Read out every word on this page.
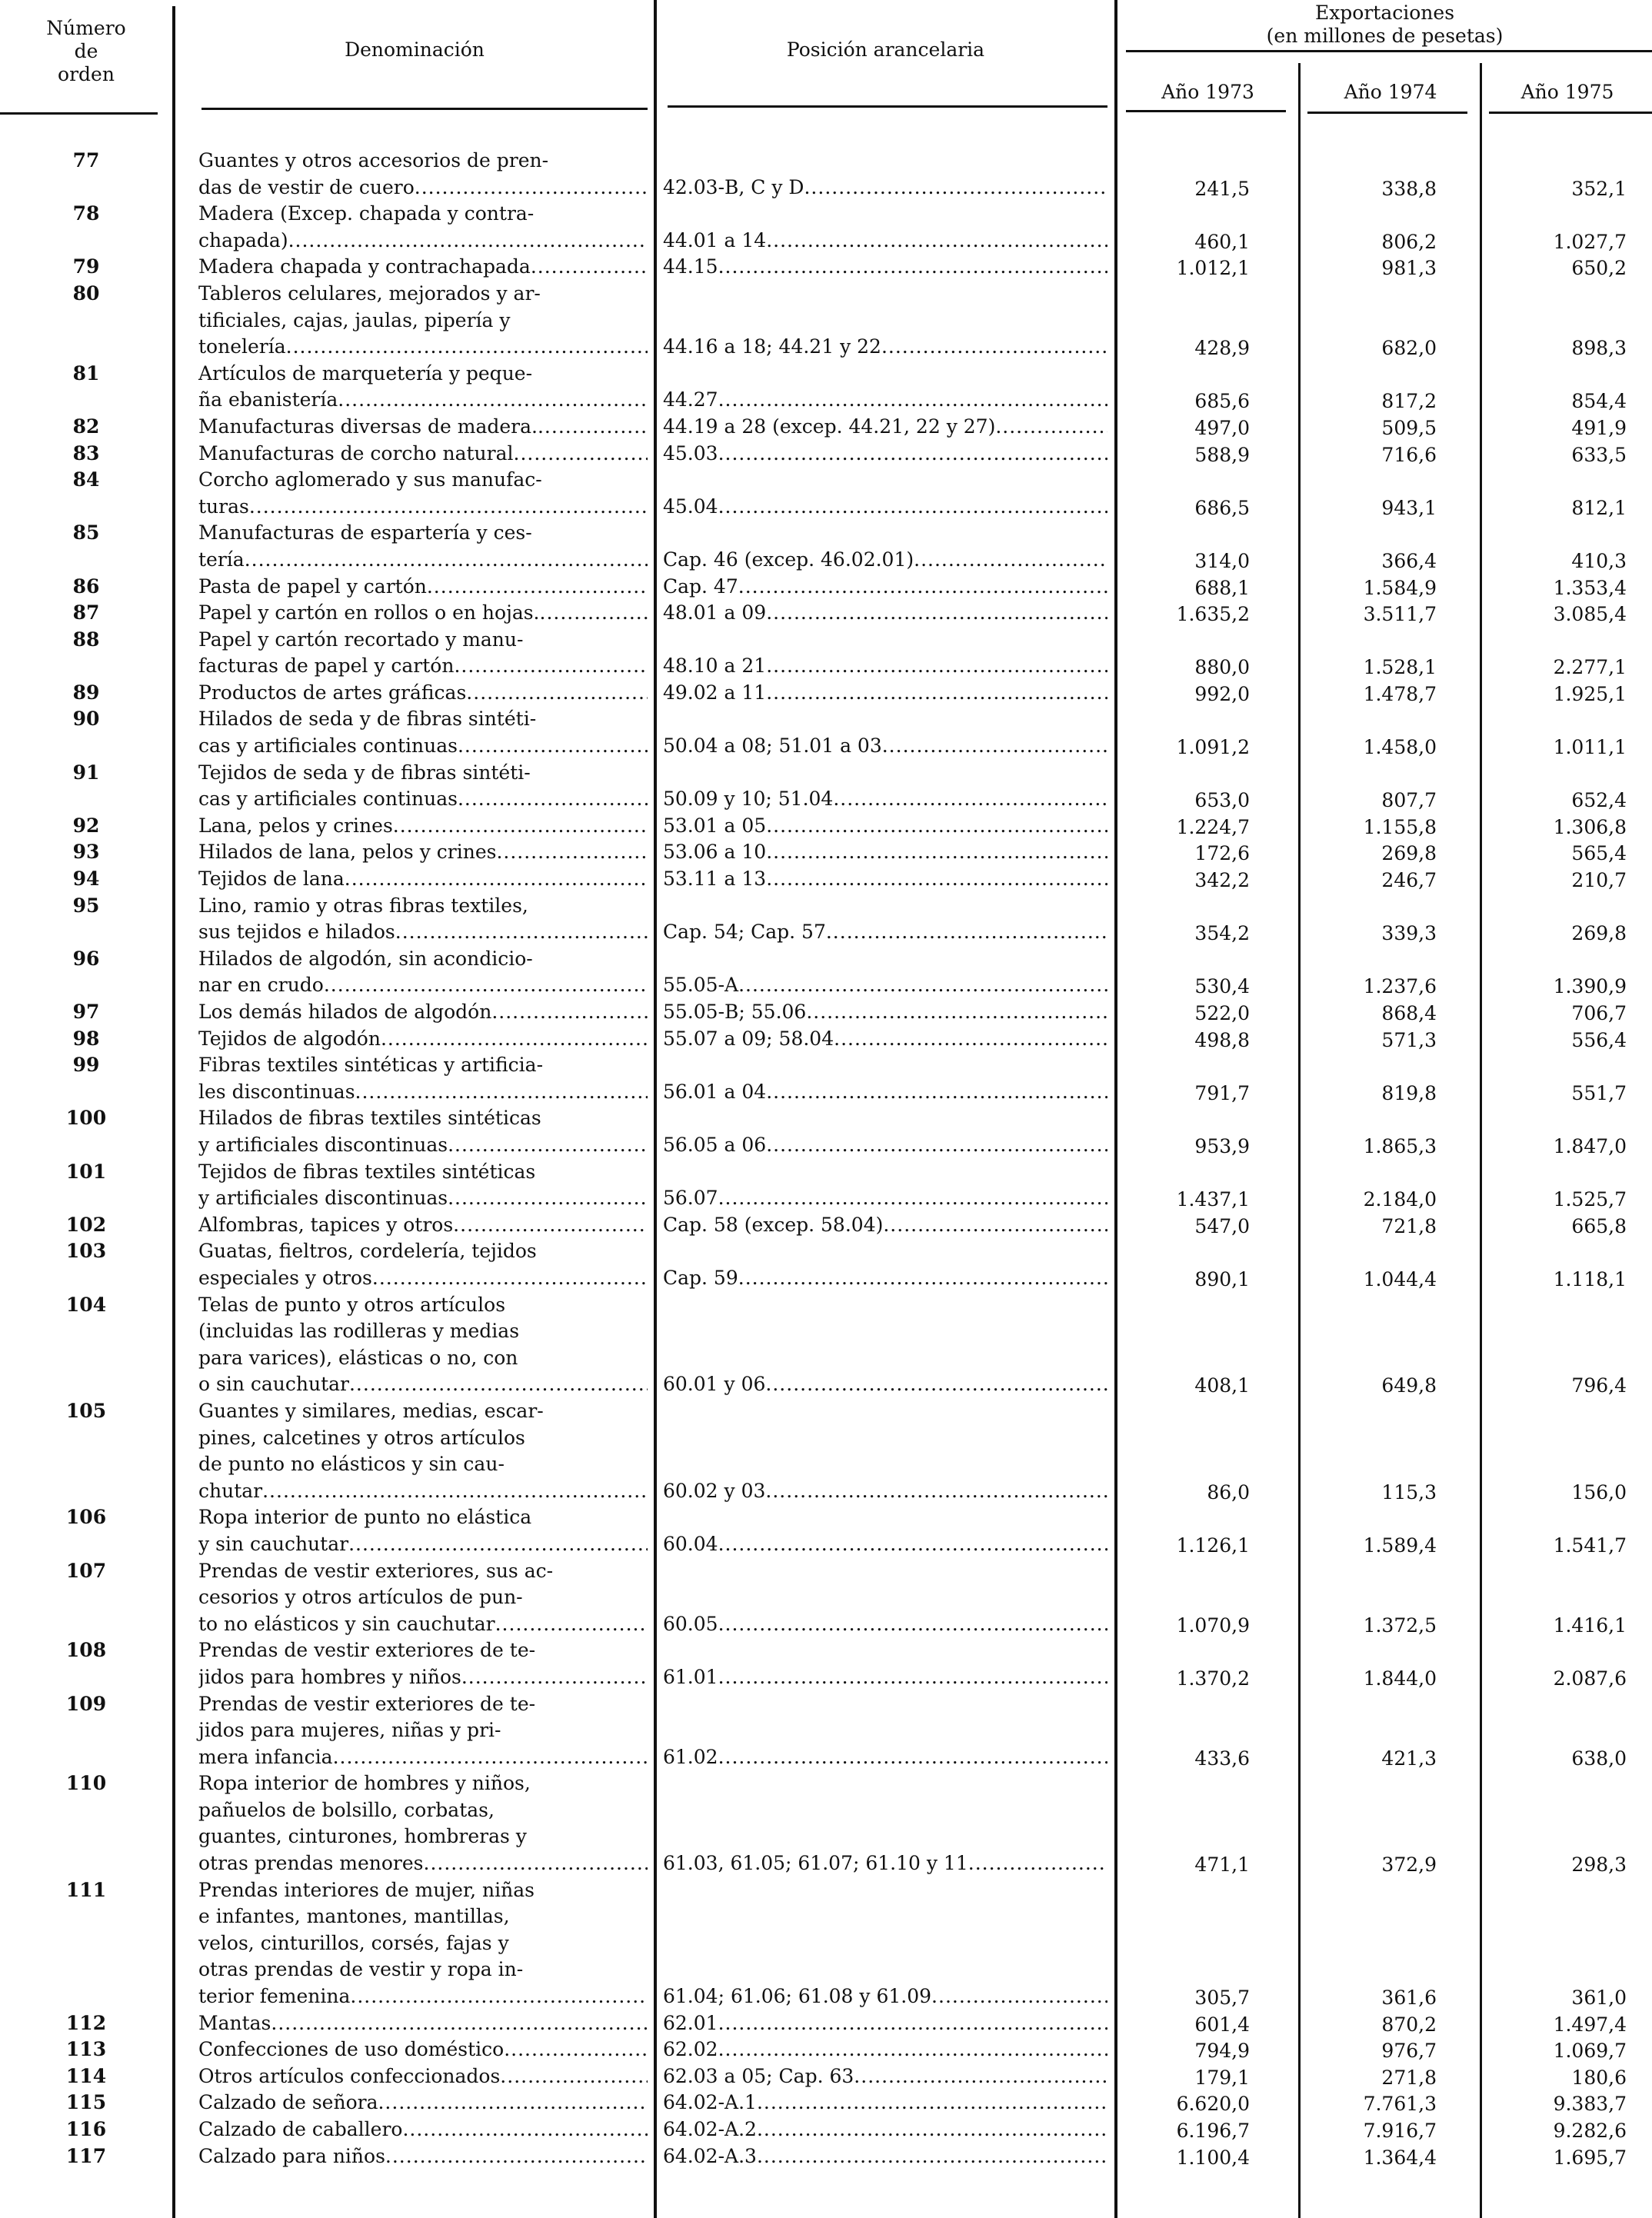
Número
de
orden
Denominación	Posición arancelaria
Exportaciones
(en millones de pesetas)
Año 1973	Año 1974	Año 1975
77	Guantes y otros accesorios de pren-
das de vestir de cuero .....	42.03-B, C y D .....	241,5	338,8	352,1
78	Madera (Excep. chapada y contra-
chapada) .....	44.01 a 14 .....	460,1	806,2	1.027,7
79	Madera chapada y contrachapada .....	44.15 .....	1.012,1	981,3	650,2
80	Tableros celulares, mejorados y ar-
tificiales, cajas, jaulas, pipería y
tonelería .....	44.16 a 18; 44.21 y 22 .....	428,9	682,0	898,3
81	Artículos de marquetería y peque-
ña ebanistería .....	44.27 .....	685,6	817,2	854,4
82	Manufacturas diversas de madera. .....	44.19 a 28 (excep. 44.21, 22 y 27) .....	497,0	509,5	491,9
83	Manufacturas de corcho natural .....	45.03 .....	588,9	716,6	633,5
84	Corcho aglomerado y sus manufac-
turas .....	45.04 .....	686,5	943,1	812,1
85	Manufacturas de espartería y ces-
tería .....	Cap. 46 (excep. 46.02.01) .....	314,0	366,4	410,3
86	Pasta de papel y cartón .....	Cap. 47 .....	688,1	1.584,9	1.353,4
87	Papel y cartón en rollos o en hojas. .....	48.01 a 09 .....	1.635,2	3.511,7	3.085,4
88	Papel y cartón recortado y manu-
facturas de papel y cartón .....	48.10 a 21 .....	880,0	1.528,1	2.277,1
89	Productos de artes gráficas .....	49.02 a 11 .....	992,0	1.478,7	1.925,1
90	Hilados de seda y de fibras sintéti-
cas y artificiales continuas .....	50.04 a 08; 51.01 a 03 .....	1.091,2	1.458,0	1.011,1
91	Tejidos de seda y de fibras sintéti-
cas y artificiales continuas .....	50.09 y 10; 51.04 .....	653,0	807,7	652,4
92	Lana, pelos y crines .....	53.01 a 05 .....	1.224,7	1.155,8	1.306,8
93	Hilados de lana, pelos y crines .....	53.06 a 10 .....	172,6	269,8	565,4
94	Tejidos de lana .....	53.11 a 13 .....	342,2	246,7	210,7
95	Lino, ramio y otras fibras textiles,
sus tejidos e hilados .....	Cap. 54; Cap. 57 .....	354,2	339,3	269,8
96	Hilados de algodón, sin acondicio-
nar en crudo .....	55.05-A .....	530,4	1.237,6	1.390,9
97	Los demás hilados de algodón .....	55.05-B; 55.06 .....	522,0	868,4	706,7
98	Tejidos de algodón .....	55.07 a 09; 58.04 .....	498,8	571,3	556,4
99	Fibras textiles sintéticas y artificia-
les discontinuas .....	56.01 a 04 .....	791,7	819,8	551,7
100	Hilados de fibras textiles sintéticas
y artificiales discontinuas .....	56.05 a 06 .....	953,9	1.865,3	1.847,0
101	Tejidos de fibras textiles sintéticas
y artificiales discontinuas .....	56.07 .....	1.437,1	2.184,0	1.525,7
102	Alfombras, tapices y otros .....	Cap. 58 (excep. 58.04) .....	547,0	721,8	665,8
103	Guatas, fieltros, cordelería, tejidos
especiales y otros .....	Cap. 59 .....	890,1	1.044,4	1.118,1
104	Telas de punto y otros artículos
(incluidas las rodilleras y medias
para varices), elásticas o no, con
o sin cauchutar .....	60.01 y 06 .....	408,1	649,8	796,4
105	Guantes y similares, medias, escar-
pines, calcetines y otros artículos
de punto no elásticos y sin cau-
chutar .....	60.02 y 03 .....	86,0	115,3	156,0
106	Ropa interior de punto no elástica
y sin cauchutar .....	60.04 .....	1.126,1	1.589,4	1.541,7
107	Prendas de vestir exteriores, sus ac-
cesorios y otros artículos de pun-
to no elásticos y sin cauchutar .....	60.05 .....	1.070,9	1.372,5	1.416,1
108	Prendas de vestir exteriores de te-
jidos para hombres y niños .....	61.01 .....	1.370,2	1.844,0	2.087,6
109	Prendas de vestir exteriores de te-
jidos para mujeres, niñas y pri-
mera infancia .....	61.02 .....	433,6	421,3	638,0
110	Ropa interior de hombres y niños,
pañuelos de bolsillo, corbatas,
guantes, cinturones, hombreras y
otras prendas menores .....	61.03, 61.05; 61.07; 61.10 y 11 .....	471,1	372,9	298,3
111	Prendas interiores de mujer, niñas
e infantes, mantones, mantillas,
velos, cinturillos, corsés, fajas y
otras prendas de vestir y ropa in-
terior femenina .....	61.04; 61.06; 61.08 y 61.09 .....	305,7	361,6	361,0
112	Mantas .....	62.01 .....	601,4	870,2	1.497,4
113	Confecciones de uso doméstico .....	62.02 .....	794,9	976,7	1.069,7
114	Otros artículos confeccionados .....	62.03 a 05; Cap. 63 .....	179,1	271,8	180,6
115	Calzado de señora .....	64.02-A.1 .....	6.620,0	7.761,3	9.383,7
116	Calzado de caballero .....	64.02-A.2 .....	6.196,7	7.916,7	9.282,6
117	Calzado para niños .....	64.02-A.3 .....	1.100,4	1.364,4	1.695,7
